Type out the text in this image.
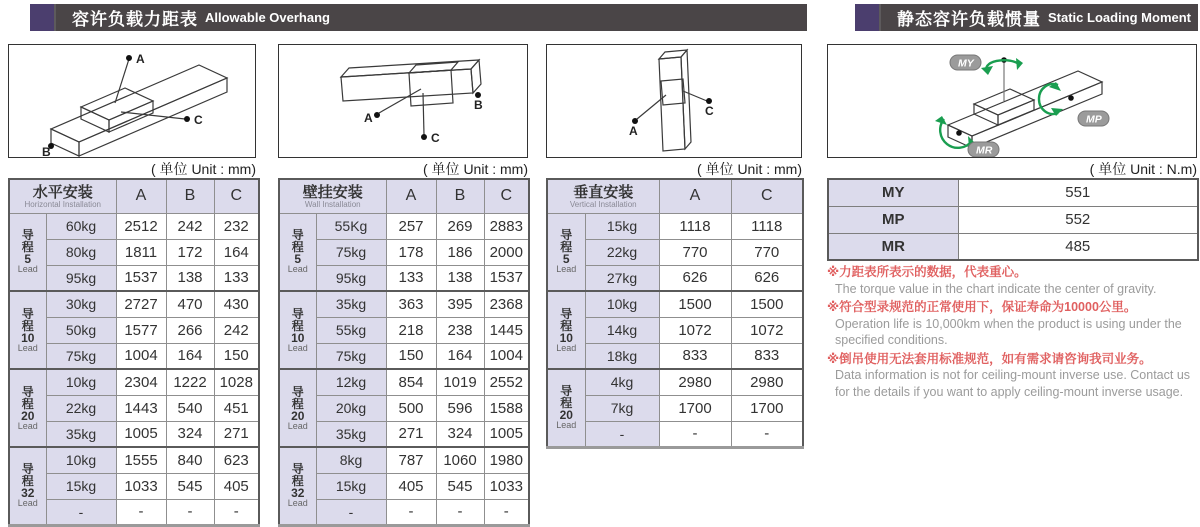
容许负载力距表 Allowable Overhang	静态容许负载惯量 Static Loading Moment
A
B
C	A
B
C	A
C
MY
MP
MR
( 单位 Unit : mm)	( 单位 Unit : mm)	( 单位 Unit : mm)	( 单位 Unit : N.m)
水平安装
Horizontal Installation		A	B	C

导
程
5
Lead	60kg	2512	242	232
	80kg	1811	172	164
	95kg	1537	138	133

导
程
10
Lead	30kg	2727	470	430
	50kg	1577	266	242
	75kg	1004	164	150

导
程
20
Lead	10kg	2304	1222	1028
	22kg	1443	540	451
	35kg	1005	324	271

导
程
32
Lead	10kg	1555	840	623
	15kg	1033	545	405
	-	-	-	-
壁挂安装
Wall Installation		A	B	C

导
程
5
Lead	55Kg	257	269	2883
	75kg	178	186	2000
	95kg	133	138	1537

导
程
10
Lead	35kg	363	395	2368
	55kg	218	238	1445
	75kg	150	164	1004

导
程
20
Lead	12kg	854	1019	2552
	20kg	500	596	1588
	35kg	271	324	1005

导
程
32
Lead	8kg	787	1060	1980
	15kg	405	545	1033
	-	-	-	-
垂直安装
Vertical Installation		A	C

导
程
5
Lead	15kg	1118	1118
	22kg	770	770
	27kg	626	626

导
程
10
Lead	10kg	1500	1500
	14kg	1072	1072
	18kg	833	833

导
程
20
Lead	4kg	2980	2980
	7kg	1700	1700
	-	-	-
MY	551
MP	552
MR	485
※力距表所表示的数据，代表重心。
The torque value in the chart indicate the center of gravity.
※符合型录规范的正常使用下，保证寿命为10000公里。
Operation life is 10,000km when the product is using under the specified conditions.
※倒吊使用无法套用标准规范，如有需求请咨询我司业务。
Data information is not for ceiling-mount inverse use. Contact us for the details if you want to apply ceiling-mount inverse usage.
